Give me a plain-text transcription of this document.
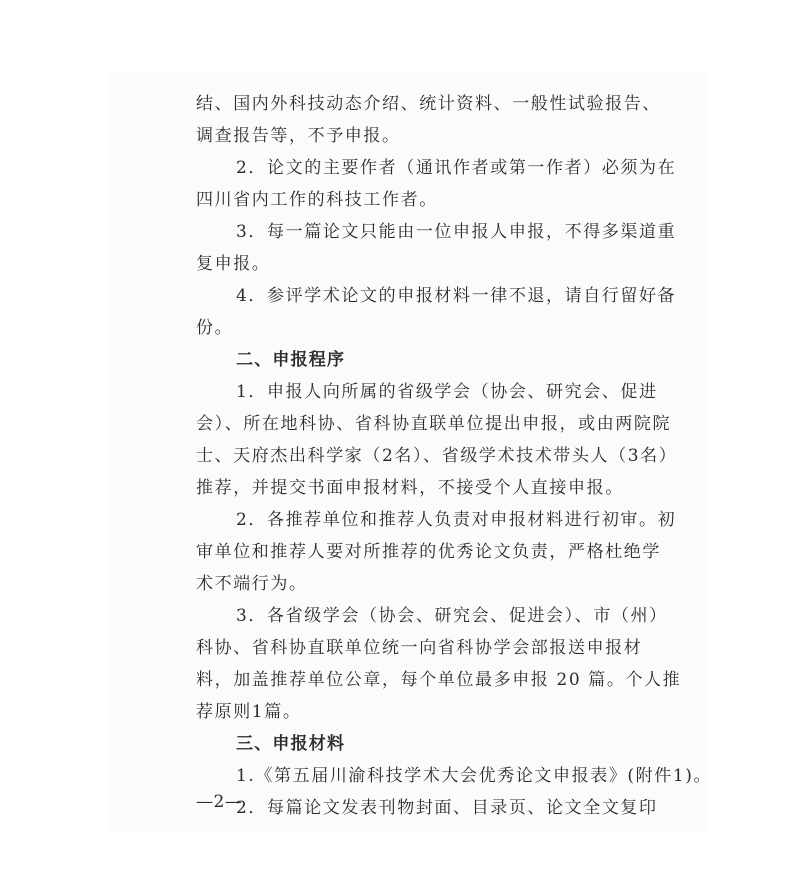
结、国内外科技动态介绍、统计资料、一般性试验报告、
调查报告等，不予申报。
2．论文的主要作者（通讯作者或第一作者）必须为在
四川省内工作的科技工作者。
3．每一篇论文只能由一位申报人申报，不得多渠道重
复申报。
4．参评学术论文的申报材料一律不退，请自行留好备
份。
二、申报程序
1．申报人向所属的省级学会（协会、研究会、促进
会）、所在地科协、省科协直联单位提出申报，或由两院院
士、天府杰出科学家（2名）、省级学术技术带头人（3名）
推荐，并提交书面申报材料，不接受个人直接申报。
2．各推荐单位和推荐人负责对申报材料进行初审。初
审单位和推荐人要对所推荐的优秀论文负责，严格杜绝学
术不端行为。
3．各省级学会（协会、研究会、促进会）、市（州）
科协、省科协直联单位统一向省科协学会部报送申报材
料，加盖推荐单位公章，每个单位最多申报 20 篇。个人推
荐原则1篇。
三、申报材料
1.《第五届川渝科技学术大会优秀论文申报表》(附件1)。
2．每篇论文发表刊物封面、目录页、论文全文复印
—2—
